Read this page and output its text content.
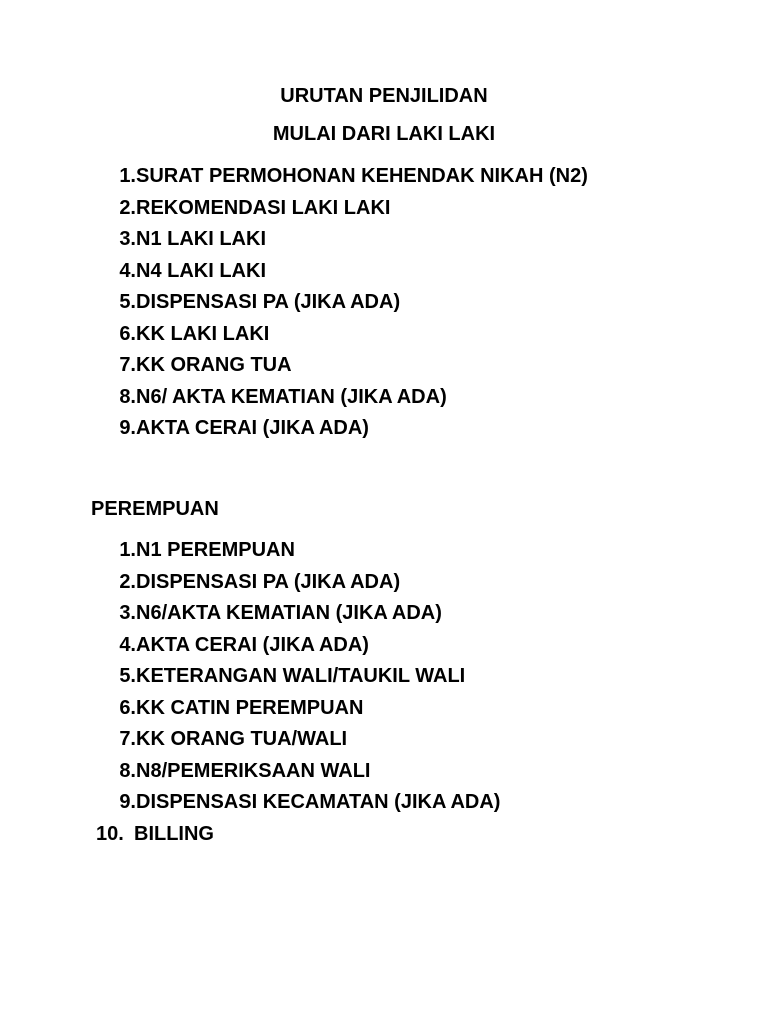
URUTAN PENJILIDAN
MULAI DARI LAKI LAKI
1.SURAT PERMOHONAN KEHENDAK NIKAH (N2)
2.REKOMENDASI LAKI LAKI
3.N1 LAKI LAKI
4.N4 LAKI LAKI
5.DISPENSASI PA (JIKA ADA)
6.KK LAKI LAKI
7.KK ORANG TUA
8.N6/ AKTA KEMATIAN (JIKA ADA)
9.AKTA CERAI (JIKA ADA)
PEREMPUAN
1.N1 PEREMPUAN
2.DISPENSASI PA (JIKA ADA)
3.N6/AKTA KEMATIAN (JIKA ADA)
4.AKTA CERAI (JIKA ADA)
5.KETERANGAN WALI/TAUKIL WALI
6.KK CATIN PEREMPUAN
7.KK ORANG TUA/WALI
8.N8/PEMERIKSAAN WALI
9.DISPENSASI KECAMATAN (JIKA ADA)
10. BILLING
